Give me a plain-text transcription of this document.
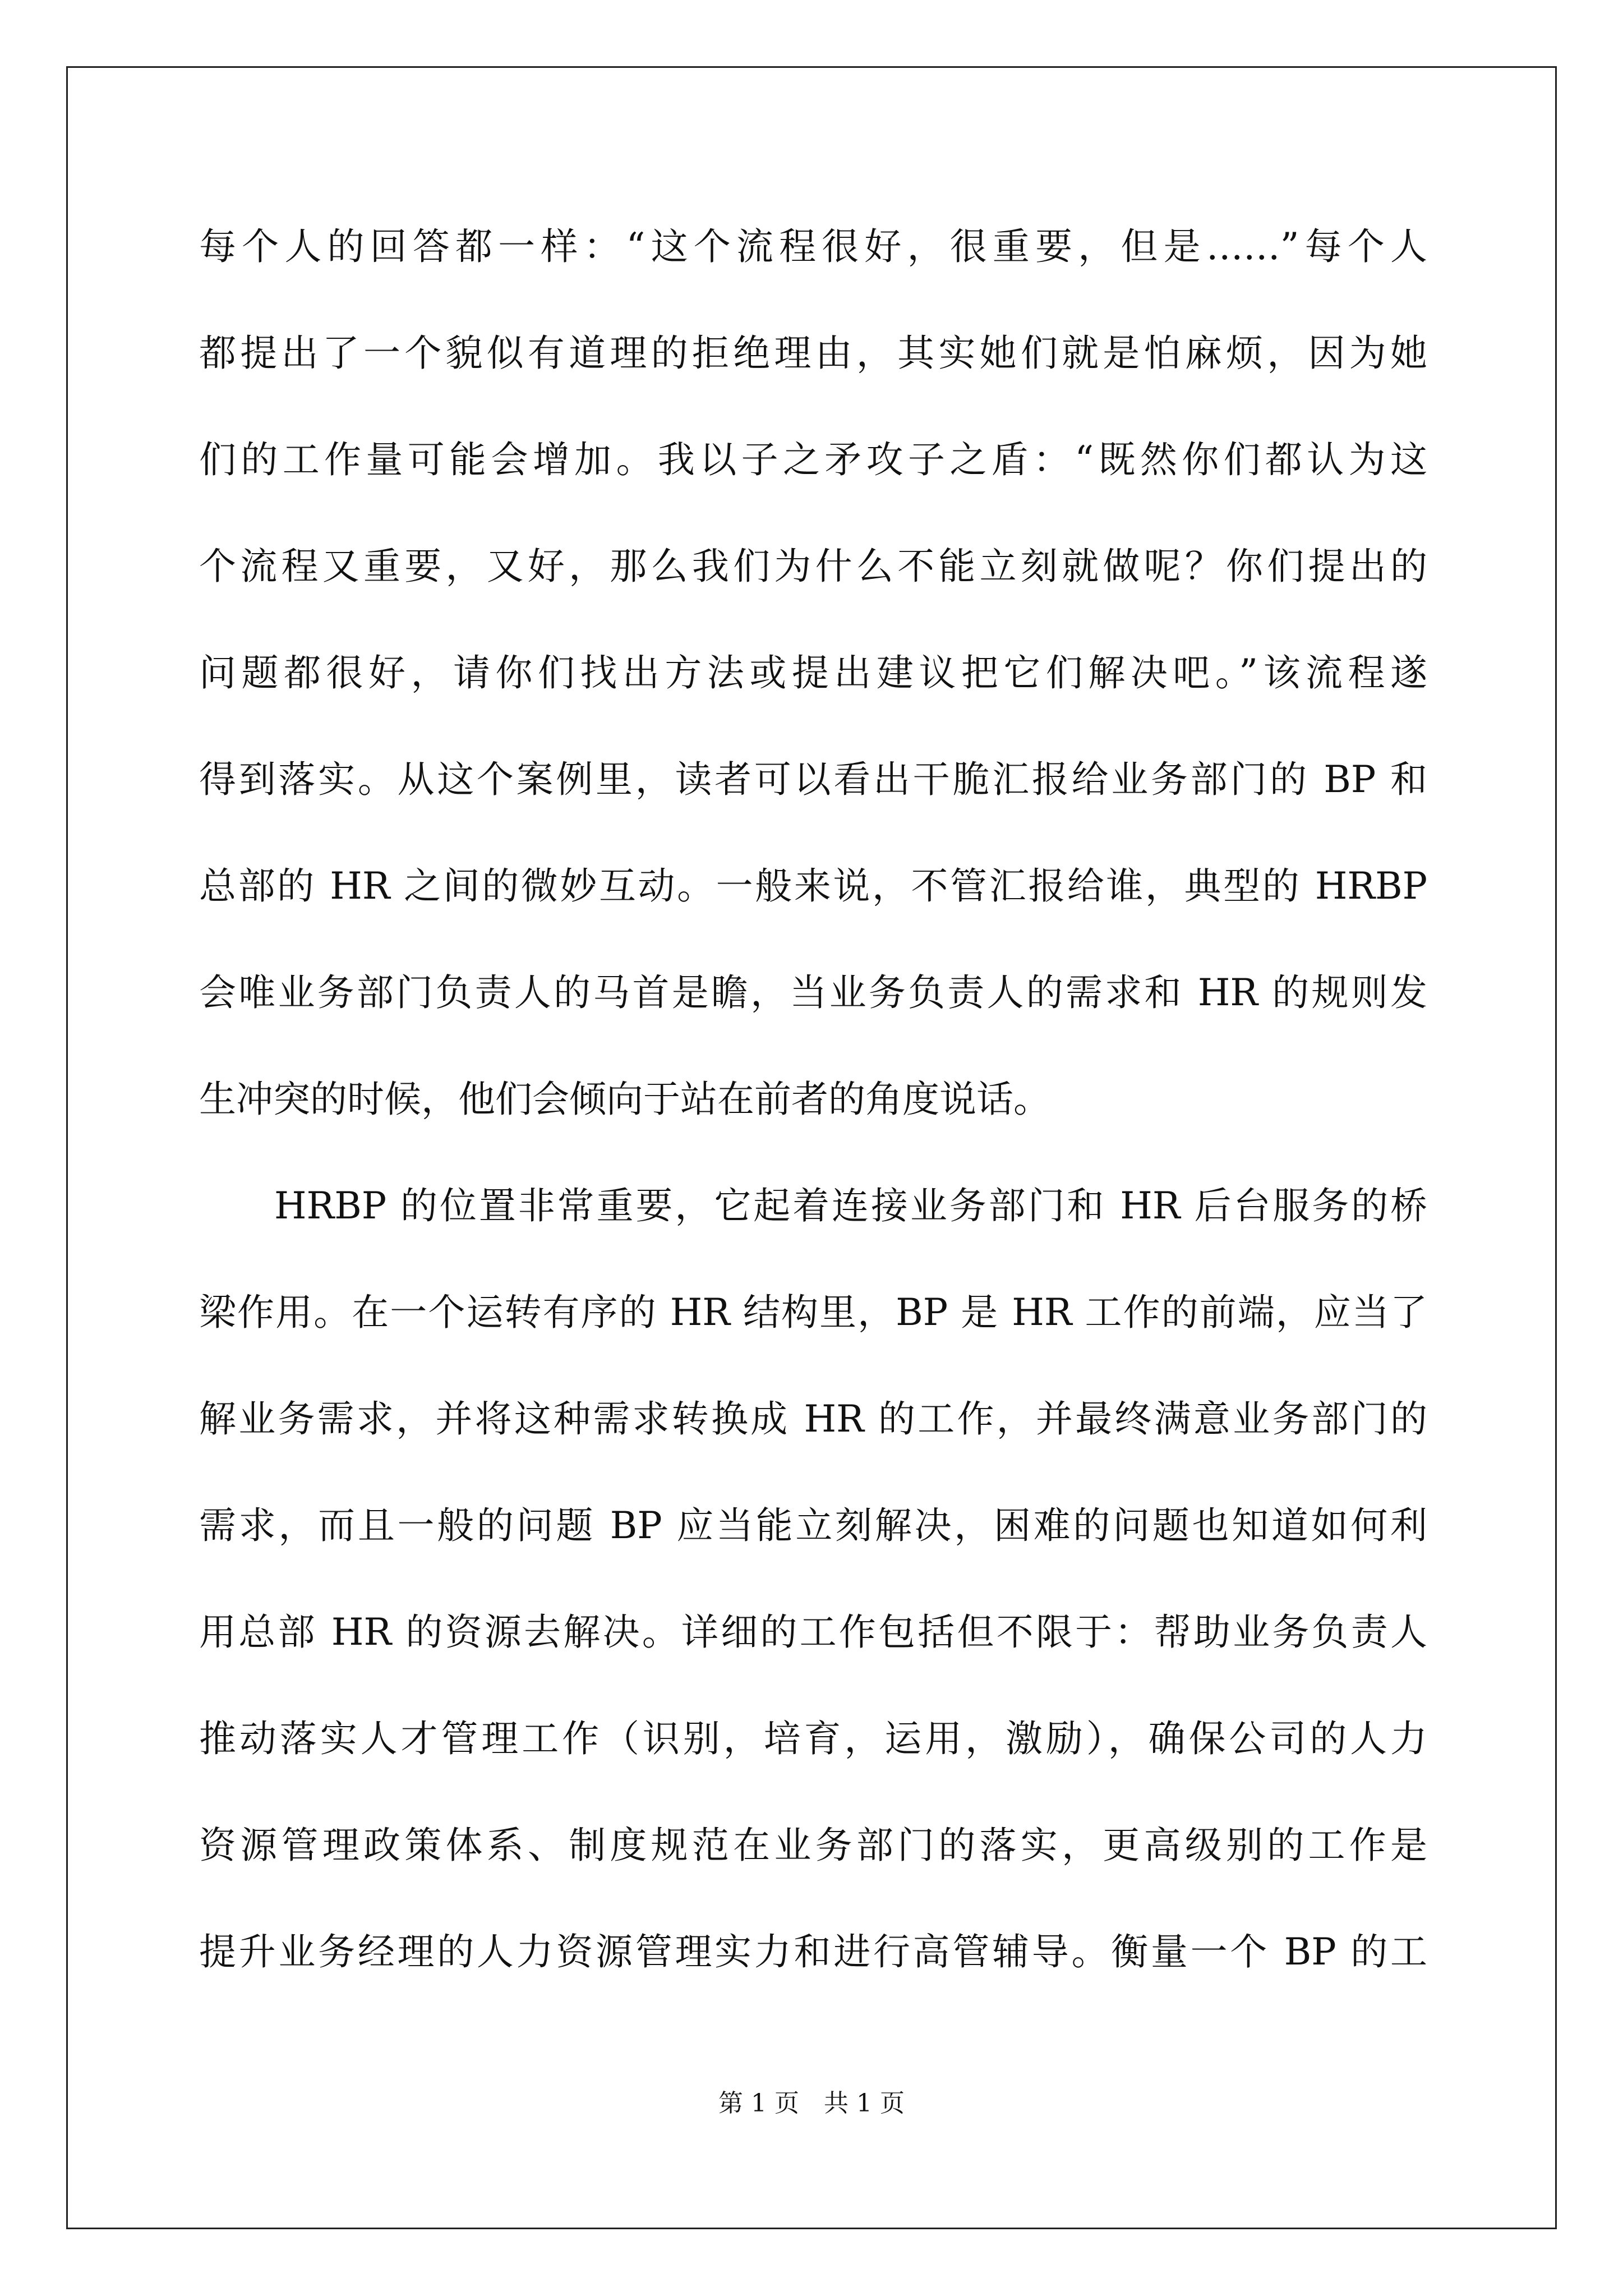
每个人的回答都一样：“这个流程很好，很重要，但是……”每个人
都提出了一个貌似有道理的拒绝理由，其实她们就是怕麻烦，因为她
们的工作量可能会增加。我以子之矛攻子之盾：“既然你们都认为这
个流程又重要，又好，那么我们为什么不能立刻就做呢？你们提出的
问题都很好，请你们找出方法或提出建议把它们解决吧。”该流程遂
得到落实。从这个案例里，读者可以看出干脆汇报给业务部门的 BP 和
总部的 HR 之间的微妙互动。一般来说，不管汇报给谁，典型的 HRBP
会唯业务部门负责人的马首是瞻，当业务负责人的需求和 HR 的规则发
生冲突的时候，他们会倾向于站在前者的角度说话。
HRBP 的位置非常重要，它起着连接业务部门和 HR 后台服务的桥
梁作用。在一个运转有序的 HR 结构里，BP 是 HR 工作的前端，应当了
解业务需求，并将这种需求转换成 HR 的工作，并最终满意业务部门的
需求，而且一般的问题 BP 应当能立刻解决，困难的问题也知道如何利
用总部 HR 的资源去解决。详细的工作包括但不限于：帮助业务负责人
推动落实人才管理工作（识别，培育，运用，激励），确保公司的人力
资源管理政策体系、制度规范在业务部门的落实，更高级别的工作是
提升业务经理的人力资源管理实力和进行高管辅导。衡量一个 BP 的工
第 1 页　共 1 页
